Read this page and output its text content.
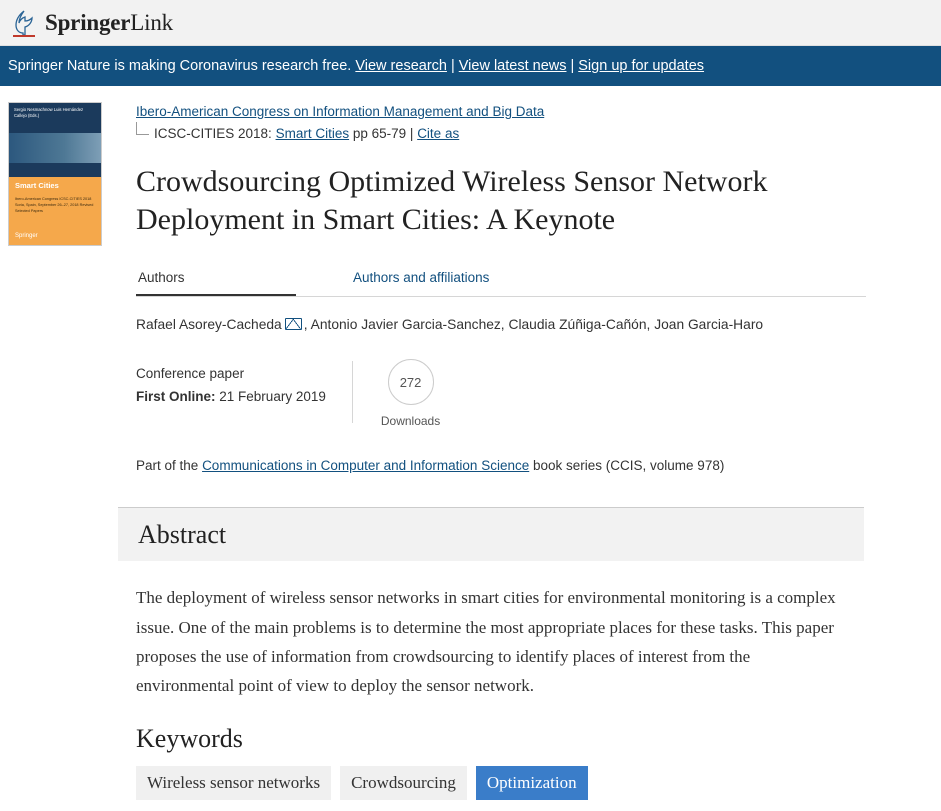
SpringerLink
Springer Nature is making Coronavirus research free.
View research | View latest news | Sign up for updates
Sergio Nesmachnow Luis Hernández Callejo (Eds.)
Smart Cities
Ibero-American Congress ICSC-CITIES 2018 Soria, Spain, September 26–27, 2018 Revised Selected Papers
Springer
Ibero-American Congress on Information Management and Big Data
ICSC-CITIES 2018:
Smart Cities
pp 65-79
|
Cite as
Crowdsourcing Optimized Wireless Sensor Network Deployment in Smart Cities: A Keynote
Authors	Authors and affiliations
Rafael Asorey-Cacheda , Antonio Javier Garcia-Sanchez, Claudia Zúñiga-Cañón, Joan Garcia-Haro
Conference paper
First Online: 21 February 2019
272
Downloads
Part of the Communications in Computer and Information Science book series (CCIS, volume 978)
Abstract
The deployment of wireless sensor networks in smart cities for environmental monitoring is a complex issue. One of the main problems is to determine the most appropriate places for these tasks. This paper proposes the use of information from crowdsourcing to identify places of interest from the environmental point of view to deploy the sensor network.
Keywords
Wireless sensor networks	Crowdsourcing	Optimization
